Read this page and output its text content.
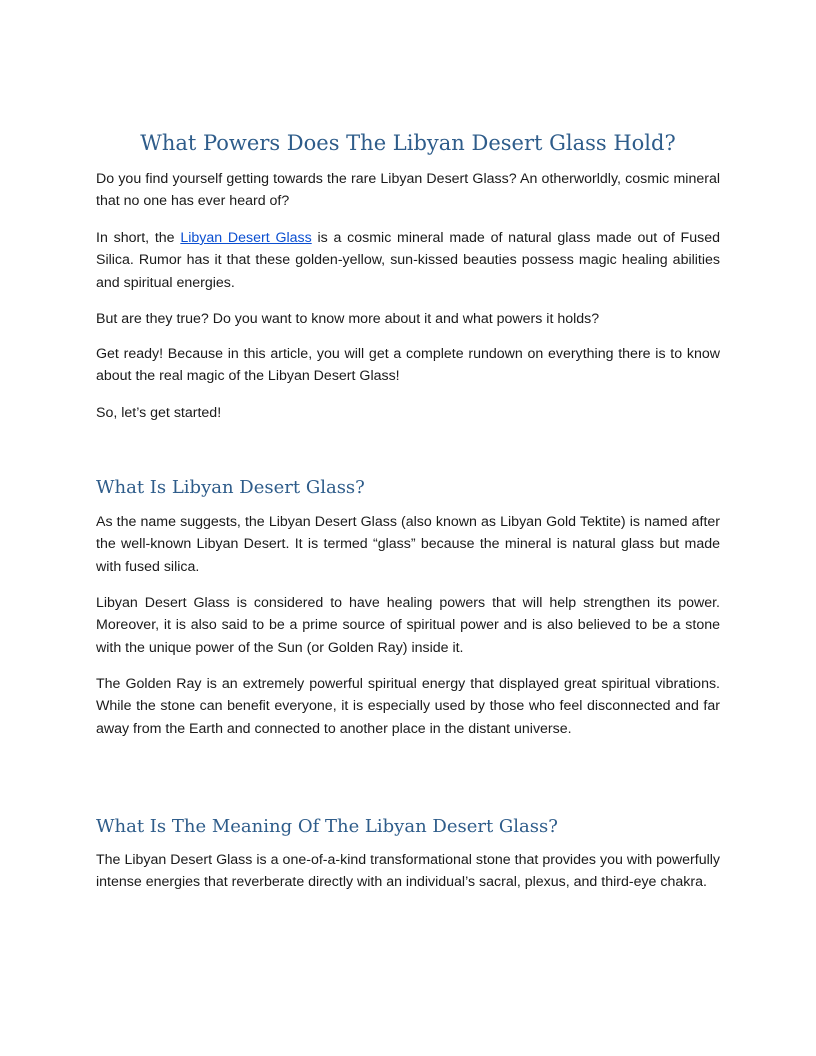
What Powers Does The Libyan Desert Glass Hold?

Do you find yourself getting towards the rare Libyan Desert Glass? An otherworldly, cosmic mineral that no one has ever heard of?

In short, the Libyan Desert Glass is a cosmic mineral made of natural glass made out of Fused Silica. Rumor has it that these golden-yellow, sun-kissed beauties possess magic healing abilities and spiritual energies.

But are they true? Do you want to know more about it and what powers it holds?

Get ready! Because in this article, you will get a complete rundown on everything there is to know about the real magic of the Libyan Desert Glass!

So, let’s get started!

What Is Libyan Desert Glass?

As the name suggests, the Libyan Desert Glass (also known as Libyan Gold Tektite) is named after the well-known Libyan Desert. It is termed “glass” because the mineral is natural glass but made with fused silica.

Libyan Desert Glass is considered to have healing powers that will help strengthen its power. Moreover, it is also said to be a prime source of spiritual power and is also believed to be a stone with the unique power of the Sun (or Golden Ray) inside it.

The Golden Ray is an extremely powerful spiritual energy that displayed great spiritual vibrations. While the stone can benefit everyone, it is especially used by those who feel disconnected and far away from the Earth and connected to another place in the distant universe.

What Is The Meaning Of The Libyan Desert Glass?

The Libyan Desert Glass is a one-of-a-kind transformational stone that provides you with powerfully intense energies that reverberate directly with an individual’s sacral, plexus, and third-eye chakra.
